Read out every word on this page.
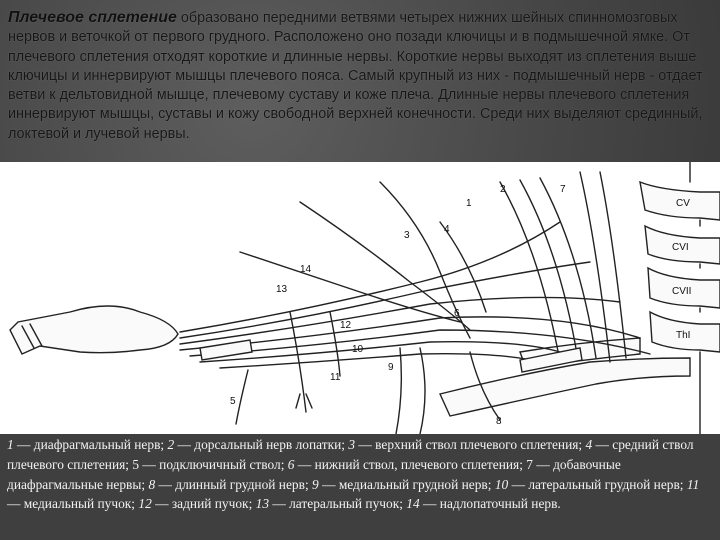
Плечевое сплетение образовано передними ветвями четырех нижних шейных спинномозговых нервов и веточкой от первого грудного. Расположено оно позади ключицы и в подмышечной ямке. От плечевого сплетения отходят короткие и длинные нервы. Короткие нервы выходят из сплетения выше ключицы и иннервируют мышцы плечевого пояса. Самый крупный из них - подмышечный нерв - отдает ветви к дельтовидной мышце, плечевому суставу и коже плеча. Длинные нервы плечевого сплетения иннервируют мышцы, суставы и кожу свободной верхней конечности. Среди них выделяют срединный, локтевой и лучевой нервы.
CV
CVI
CVII
ThI
1
5
3
4
6
9
10
11
12
13
14
2	7
8

1 — диафрагмальный нерв; 2 — дорсальный нерв лопатки; 3 — верхний ствол плечевого сплетения; 4 — средний ствол плечевого сплетения; 5 — подключичный ствол; 6 — нижний ствол, плечевого сплетения; 7 — добавочные диафрагмальные нервы; 8 — длинный грудной нерв; 9 — медиальный грудной нерв; 10 — латеральный грудной нерв; 11 — медиальный пучок; 12 — задний пучок; 13 — латеральный пучок; 14 — надлопаточный нерв.
